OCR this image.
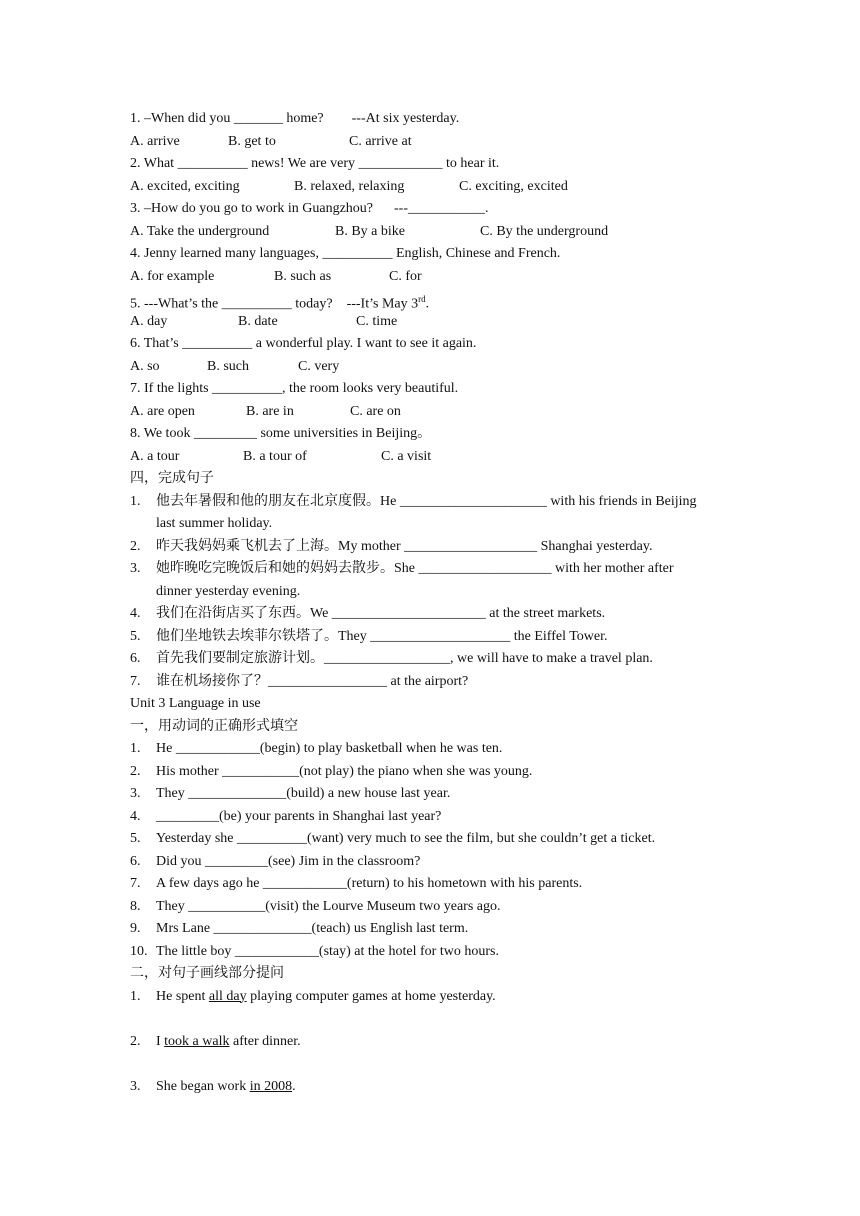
1. –When did you _______ home?        ---At six yesterday.
A. arrive	B. get to	C. arrive at
2. What __________ news! We are very ____________ to hear it.
A. excited, exciting	B. relaxed, relaxing	C. exciting, excited
3. –How do you go to work in Guangzhou?      ---___________.
A. Take the underground	B. By a bike	C. By the underground
4. Jenny learned many languages, __________ English, Chinese and French.
A. for example	B. such as	C. for
5. ---What’s the __________ today?    ---It’s May 3rd.
A. day	B. date	C. time
6. That’s __________ a wonderful play. I want to see it again.
A. so	B. such	C. very
7. If the lights __________, the room looks very beautiful.
A. are open	B. are in	C. are on
8. We took _________ some universities in Beijing。
A. a tour	B. a tour of	C. a visit
四，完成句子
1.	他去年暑假和他的朋友在北京度假。He _____________________ with his friends in Beijing
last summer holiday.
2.	昨天我妈妈乘飞机去了上海。My mother ___________________ Shanghai yesterday.
3.	她昨晚吃完晚饭后和她的妈妈去散步。She ___________________ with her mother after
dinner yesterday evening.
4.	我们在沿街店买了东西。We ______________________ at the street markets.
5.	他们坐地铁去埃菲尔铁塔了。They ____________________ the Eiffel Tower.
6.	首先我们要制定旅游计划。__________________, we will have to make a travel plan.
7.	谁在机场接你了？_________________ at the airport?
Unit 3 Language in use
一，用动词的正确形式填空
1.	He ____________(begin) to play basketball when he was ten.
2.	His mother ___________(not play) the piano when she was young.
3.	They ______________(build) a new house last year.
4.	_________(be) your parents in Shanghai last year?
5.	Yesterday she __________(want) very much to see the film, but she couldn’t get a ticket.
6.	Did you _________(see) Jim in the classroom?
7.	A few days ago he ____________(return) to his hometown with his parents.
8.	They ___________(visit) the Lourve Museum two years ago.
9.	Mrs Lane ______________(teach) us English last term.
10. The little boy ____________(stay) at the hotel for two hours.
二，对句子画线部分提问
1.	He spent all day playing computer games at home yesterday.
2.	I took a walk after dinner.
3.	She began work in 2008.
